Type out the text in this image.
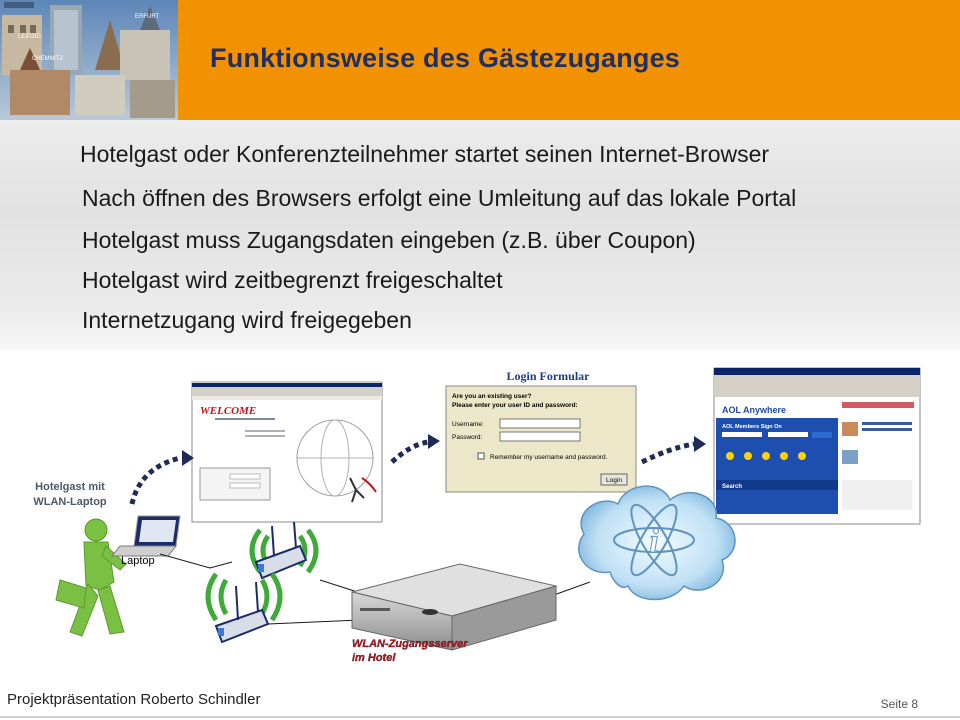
CHEMNITZ
ERFURT
LEIPZIG
Funktionsweise des Gästezuganges
Hotelgast oder Konferenzteilnehmer startet seinen Internet-Browser
Nach öffnen des Browsers erfolgt eine Umleitung auf das lokale Portal
Hotelgast muss Zugangsdaten eingeben (z.B. über Coupon)
Hotelgast wird zeitbegrenzt freigeschaltet
Internetzugang wird freigegeben
WELCOME
Login Formular
Are you an existing user?
Please enter your user ID and password:
Username:
Password:
Remember my username and password.
Login
AOL Anywhere
AOL Members Sign On
Search
Hotelgast mit
WLAN-Laptop
Laptop
WLAN-Zugangsserver
im Hotel
i
Projektpräsentation Roberto Schindler	Seite 8
